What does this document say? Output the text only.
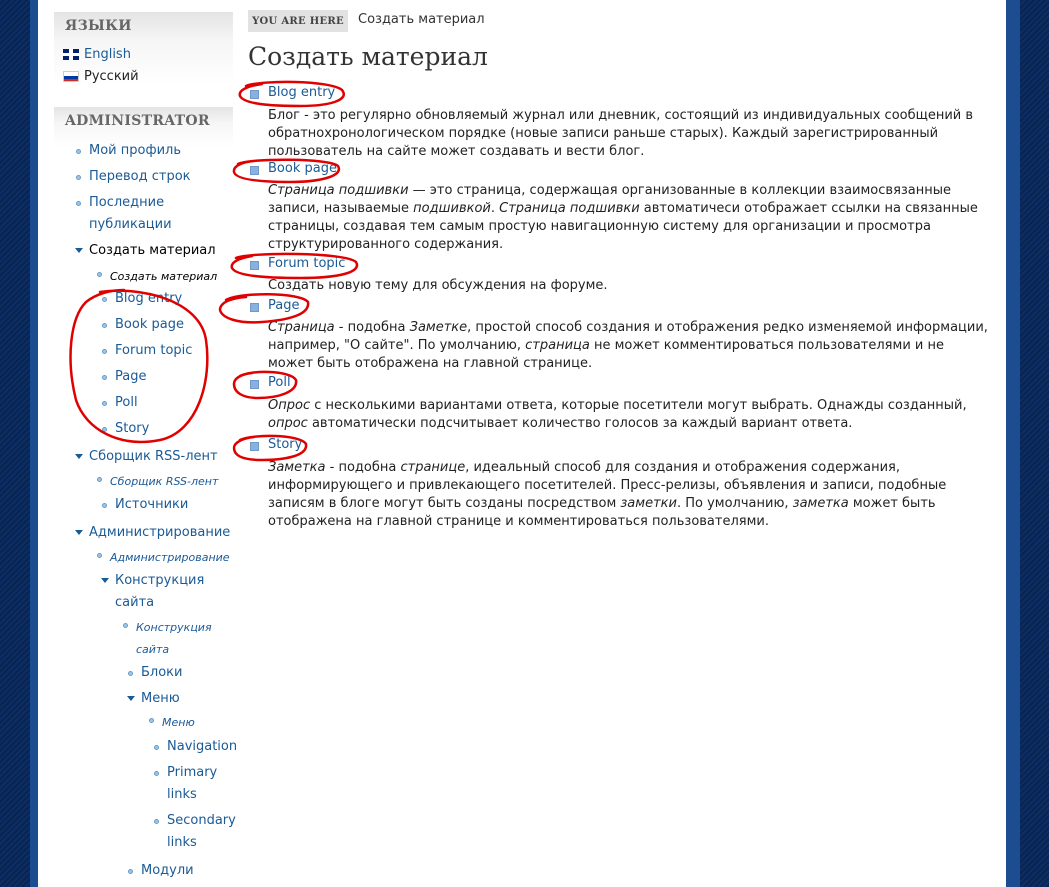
ЯЗЫКИ
English
Русский
ADMINISTRATOR
Мой профиль
Перевод строк
Последние
публикации
Создать материал
Создать материал
Blog entry
Book page
Forum topic
Page
Poll
Story
Сборщик RSS-лент
Сборщик RSS-лент
Источники
Администрирование
Администрирование
Конструкция
сайта
Конструкция
сайта
Блоки
Меню
Меню
Navigation
Primary
links
Secondary
links
Модули
YOU ARE HERE	Создать материал
Создать материал
Blog entry
Блог - это регулярно обновляемый журнал или дневник, состоящий из индивидуальных сообщений в
обратнохронологическом порядке (новые записи раньше старых). Каждый зарегистрированный
пользователь на сайте может создавать и вести блог.
Book page
Страница подшивки — это страница, содержащая организованные в коллекции взаимосвязанные
записи, называемые подшивкой. Страница подшивки автоматичеси отображает ссылки на связанные
страницы, создавая тем самым простую навигационную систему для организации и просмотра
структурированного содержания.
Forum topic
Создать новую тему для обсуждения на форуме.
Page
Страница - подобна Заметке, простой способ создания и отображения редко изменяемой информации,
например, "О сайте". По умолчанию, страница не может комментироваться пользователями и не
может быть отображена на главной странице.
Poll
Опрос с несколькими вариантами ответа, которые посетители могут выбрать. Однажды созданный,
опрос автоматически подсчитывает количество голосов за каждый вариант ответа.
Story
Заметка - подобна странице, идеальный способ для создания и отображения содержания,
информирующего и привлекающего посетителей. Пресс-релизы, объявления и записи, подобные
записям в блоге могут быть созданы посредством заметки. По умолчанию, заметка может быть
отображена на главной странице и комментироваться пользователями.
